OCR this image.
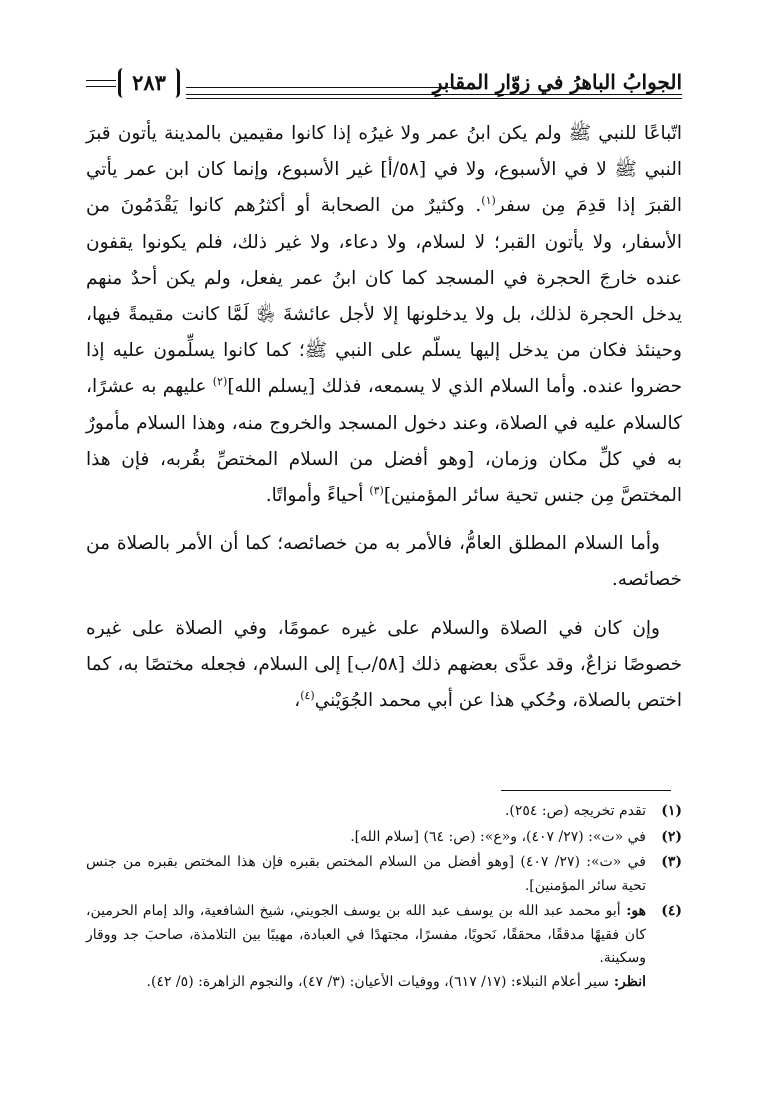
٢٨٣	الجوابُ الباهرُ في زوّارِ المقابرِ

اتّباعًا للنبي ﷺ ولم يكن ابنُ عمر ولا غيرُه إذا كانوا مقيمين بالمدينة يأتون قبرَ النبي ﷺ لا في الأسبوع، ولا في [٥٨/أ] غير الأسبوع، وإنما كان ابن عمر يأتي القبرَ إذا قدِمَ مِن سفر$^{(١)}$. وكثيرٌ من الصحابة أو أكثرُهم كانوا يَقْدَمُونَ من الأسفار، ولا يأتون القبر؛ لا لسلام، ولا دعاء، ولا غير ذلك، فلم يكونوا يقفون عنده خارجَ الحجرة في المسجد كما كان ابنُ عمر يفعل، ولم يكن أحدٌ منهم يدخل الحجرة لذلك، بل ولا يدخلونها إلا لأجل عائشةَ ﵂ لَمَّا كانت مقيمةً فيها، وحينئذ فكان من يدخل إليها يسلّم على النبي ﷺ؛ كما كانوا يسلِّمون عليه إذا حضروا عنده. وأما السلام الذي لا يسمعه، فذلك [يسلم الله]$^{(٢)}$ عليهم به عشرًا، كالسلام عليه في الصلاة، وعند دخول المسجد والخروج منه، وهذا السلام مأمورٌ به في كلِّ مكان وزمان، [وهو أفضل من السلام المختصِّ بقُربه، فإن هذا المختصَّ مِن جنس تحية سائر المؤمنين]$^{(٣)}$ أحياءً وأمواتًا.

وأما السلام المطلق العامُّ، فالأمر به من خصائصه؛ كما أن الأمر بالصلاة من خصائصه.

وإن كان في الصلاة والسلام على غيره عمومًا، وفي الصلاة على غيره خصوصًا نزاعٌ، وقد عدَّى بعضهم ذلك [٥٨/ب] إلى السلام، فجعله مختصًا به، كما اختص بالصلاة، وحُكي هذا عن أبي محمد الجُوَيْني$^{(٤)}$،

(١)
تقدم تخريجه (ص: ٢٥٤).
(٢)
في «ت»: (٢٧/ ٤٠٧)، و«ع»: (ص: ٦٤) [سلام الله].
(٣)
في «ت»: (٢٧/ ٤٠٧) [وهو أفضل من السلام المختص بقبره فإن هذا المختص بقبره من جنس تحية سائر المؤمنين].
(٤)
هو: أبو محمد عبد الله بن يوسف عبد الله بن يوسف الجويني، شيخ الشافعية، والد إمام الحرمين، كان فقيهًا مدققًا، محققًا، نَحويًا، مفسرًا، مجتهدًا في العبادة، مهيبًا بين التلامذة، صاحبَ جد ووقار وسكينة.
انظر: سير أعلام النبلاء: (١٧/ ٦١٧)، ووفيات الأعيان: (٣/ ٤٧)، والنجوم الزاهرة: (٥/ ٤٢).
